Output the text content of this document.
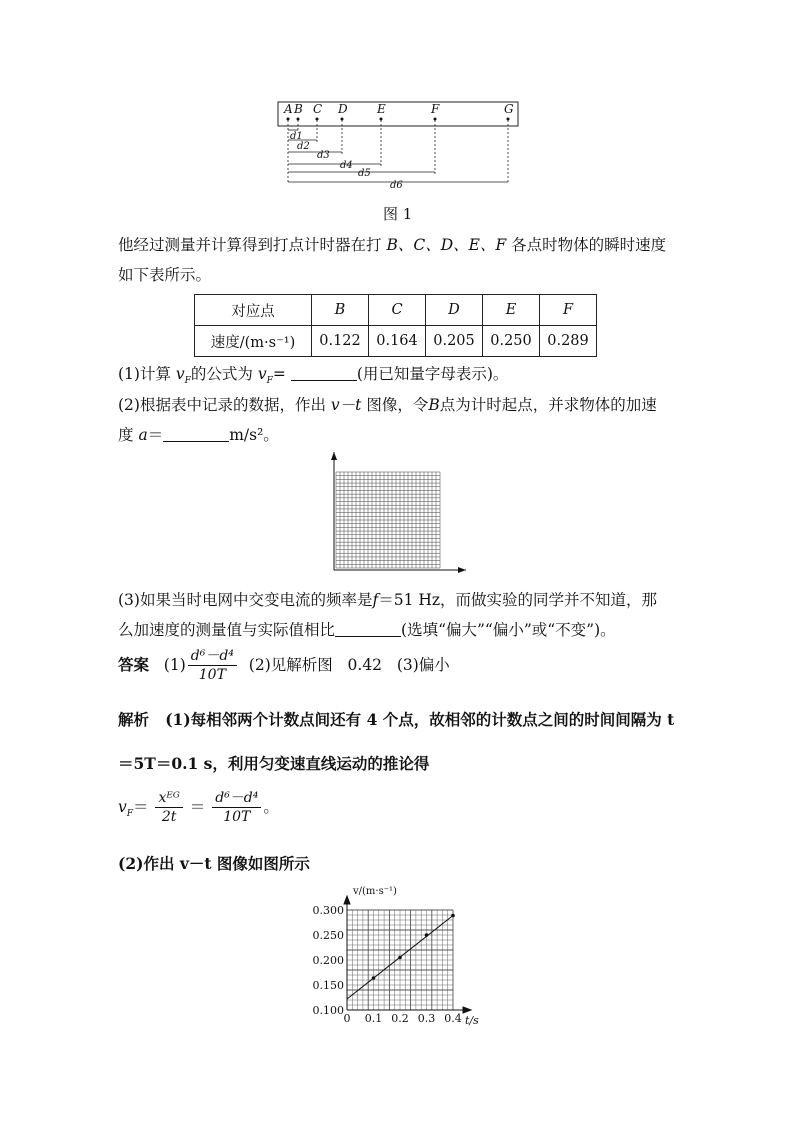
A B C D E	F	G
d1
d2
d3
d4
d5
d6
图 1
他经过测量并计算得到打点计时器在打 B、C、D、E、F 各点时物体的瞬时速度
如下表所示。
对应点	B	C	D	E	F
速度/(m·s⁻¹)	0.122	0.164	0.205	0.250	0.289
(1)计算 $v_F$的公式为 $v_F=$	(用已知量字母表示)。
(2)根据表中记录的数据，作出 v－t 图像，令B点为计时起点，并求物体的加速
度 a＝	m/s²。
(3)如果当时电网中交变电流的频率是f＝51 Hz，而做实验的同学并不知道，那
么加速度的测量值与实际值相比	(选填“偏大”“偏小”或“不变”)。
答案 $(1) \frac{\text{d⁶－d⁴}}{10T} (2)$见解析图 0.42 (3)偏小
解析 (1)每相邻两个计数点间还有 4 个点，故相邻的计数点之间的时间间隔为 t
＝5T＝0.1 s，利用匀变速直线运动的推论得
$v_F= \frac{\text{xᴱᴳ}}{2t} = \frac{\text{d⁶－d⁴}}{10T}$ 。
(2)作出 v－t 图像如图所示
0.100
0.150
0.200
0.250
0.300
0 0.1 0.2 0.3 0.4
v/(m·s⁻¹)
t/s
